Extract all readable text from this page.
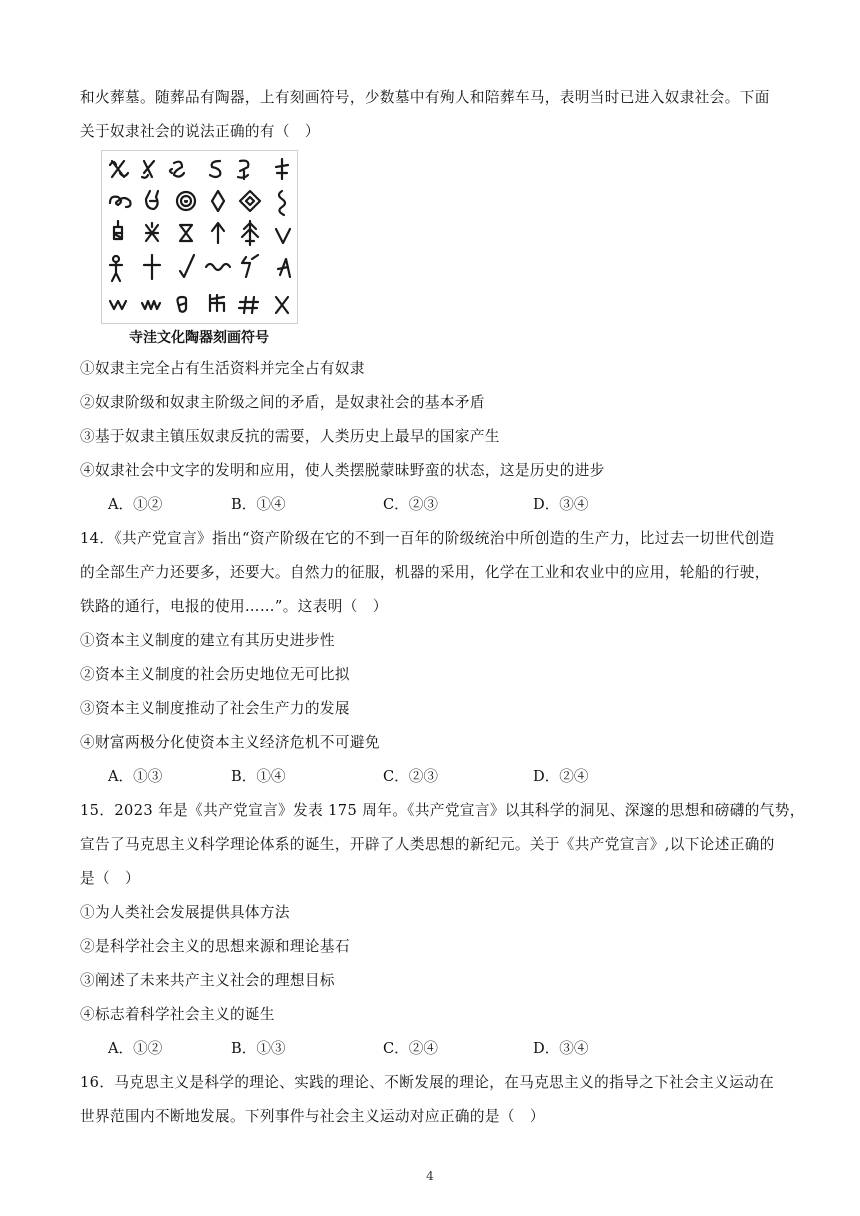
和火葬墓。随葬品有陶器，上有刻画符号，少数墓中有殉人和陪葬车马，表明当时已进入奴隶社会。下面
关于奴隶社会的说法正确的有（　）
寺洼文化陶器刻画符号
①奴隶主完全占有生活资料并完全占有奴隶
②奴隶阶级和奴隶主阶级之间的矛盾，是奴隶社会的基本矛盾
③基于奴隶主镇压奴隶反抗的需要，人类历史上最早的国家产生
④奴隶社会中文字的发明和应用，使人类摆脱蒙昧野蛮的状态，这是历史的进步
A．①②	B．①④	C．②③	D．③④
14．《共产党宣言》指出“资产阶级在它的不到一百年的阶级统治中所创造的生产力，比过去一切世代创造
的全部生产力还要多，还要大。自然力的征服，机器的采用，化学在工业和农业中的应用，轮船的行驶，
铁路的通行，电报的使用……”。这表明（　）
①资本主义制度的建立有其历史进步性
②资本主义制度的社会历史地位无可比拟
③资本主义制度推动了社会生产力的发展
④财富两极分化使资本主义经济危机不可避免
A．①③	B．①④	C．②③	D．②④
15．2023 年是《共产党宣言》发表 175 周年。《共产党宣言》以其科学的洞见、深邃的思想和磅礴的气势，
宣告了马克思主义科学理论体系的诞生，开辟了人类思想的新纪元。关于《共产党宣言》,以下论述正确的
是（　）
①为人类社会发展提供具体方法
②是科学社会主义的思想来源和理论基石
③阐述了未来共产主义社会的理想目标
④标志着科学社会主义的诞生
A．①②	B．①③	C．②④	D．③④
16．马克思主义是科学的理论、实践的理论、不断发展的理论，在马克思主义的指导之下社会主义运动在
世界范围内不断地发展。下列事件与社会主义运动对应正确的是（　）
4
